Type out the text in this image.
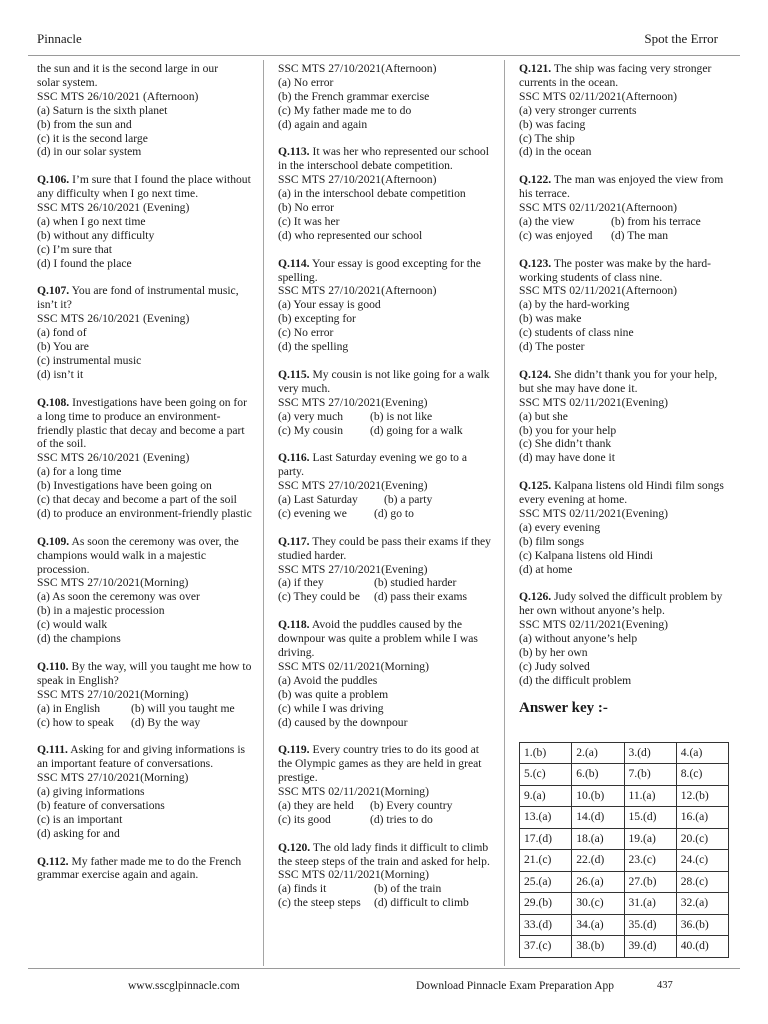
Pinnacle	Spot the Error
the sun and it is the second large in our
solar system.
SSC MTS 26/10/2021 (Afternoon)
(a) Saturn is the sixth planet
(b) from the sun and
(c) it is the second large
(d) in our solar system
Q.106. I’m sure that I found the place without any difficulty when I go next time.
SSC MTS 26/10/2021 (Evening)
(a) when I go next time
(b) without any difficulty
(c) I’m sure that
(d) I found the place
Q.107. You are fond of instrumental music, isn’t it?
SSC MTS 26/10/2021 (Evening)
(a) fond of
(b) You are
(c) instrumental music
(d) isn’t it
Q.108. Investigations have been going on for a long time to produce an environment-friendly plastic that decay and become a part of the soil.
SSC MTS 26/10/2021 (Evening)
(a) for a long time
(b) Investigations have been going on
(c) that decay and become a part of the soil
(d) to produce an environment-friendly plastic
Q.109. As soon the ceremony was over, the champions would walk in a majestic procession.
SSC MTS 27/10/2021(Morning)
(a) As soon the ceremony was over
(b) in a majestic procession
(c) would walk
(d) the champions
Q.110. By the way, will you taught me how to speak in English?
SSC MTS 27/10/2021(Morning)
(a) in English	(b) will you taught me
(c) how to speak	(d) By the way
Q.111. Asking for and giving informations is an important feature of conversations.
SSC MTS 27/10/2021(Morning)
(a) giving informations
(b) feature of conversations
(c) is an important
(d) asking for and
Q.112. My father made me to do the French grammar exercise again and again.
SSC MTS 27/10/2021(Afternoon)
(a) No error
(b) the French grammar exercise
(c) My father made me to do
(d) again and again
Q.113. It was her who represented our school in the interschool debate competition.
SSC MTS 27/10/2021(Afternoon)
(a) in the interschool debate competition
(b) No error
(c) It was her
(d) who represented our school
Q.114. Your essay is good excepting for the spelling.
SSC MTS 27/10/2021(Afternoon)
(a) Your essay is good
(b) excepting for
(c) No error
(d) the spelling
Q.115. My cousin is not like going for a walk very much.
SSC MTS 27/10/2021(Evening)
(a) very much	(b) is not like
(c) My cousin	(d) going for a walk
Q.116. Last Saturday evening we go to a party.
SSC MTS 27/10/2021(Evening)
(a) Last Saturday	(b) a party
(c) evening we	(d) go to
Q.117. They could be pass their exams if they studied harder.
SSC MTS 27/10/2021(Evening)
(a) if they	(b) studied harder
(c) They could be	(d) pass their exams
Q.118. Avoid the puddles caused by the downpour was quite a problem while I was driving.
SSC MTS 02/11/2021(Morning)
(a) Avoid the puddles
(b) was quite a problem
(c) while I was driving
(d) caused by the downpour
Q.119. Every country tries to do its good at the Olympic games as they are held in great prestige.
SSC MTS 02/11/2021(Morning)
(a) they are held	(b) Every country
(c) its good	(d) tries to do
Q.120. The old lady finds it difficult to climb the steep steps of the train and asked for help.
SSC MTS 02/11/2021(Morning)
(a) finds it	(b) of the train
(c) the steep steps	(d) difficult to climb
Q.121. The ship was facing very stronger currents in the ocean.
SSC MTS 02/11/2021(Afternoon)
(a) very stronger currents
(b) was facing
(c) The ship
(d) in the ocean
Q.122. The man was enjoyed the view from his terrace.
SSC MTS 02/11/2021(Afternoon)
(a) the view	(b) from his terrace
(c) was enjoyed	(d) The man
Q.123. The poster was make by the hard-working students of class nine.
SSC MTS 02/11/2021(Afternoon)
(a) by the hard-working
(b) was make
(c) students of class nine
(d) The poster
Q.124. She didn’t thank you for your help, but she may have done it.
SSC MTS 02/11/2021(Evening)
(a) but she
(b) you for your help
(c) She didn’t thank
(d) may have done it
Q.125. Kalpana listens old Hindi film songs every evening at home.
SSC MTS 02/11/2021(Evening)
(a) every evening
(b) film songs
(c) Kalpana listens old Hindi
(d) at home
Q.126. Judy solved the difficult problem by her own without anyone’s help.
SSC MTS 02/11/2021(Evening)
(a) without anyone’s help
(b) by her own
(c) Judy solved
(d) the difficult problem
Answer key :-
1.(b)	2.(a)	3.(d)	4.(a)
5.(c)	6.(b)	7.(b)	8.(c)
9.(a)	10.(b)	11.(a)	12.(b)
13.(a)	14.(d)	15.(d)	16.(a)
17.(d)	18.(a)	19.(a)	20.(c)
21.(c)	22.(d)	23.(c)	24.(c)
25.(a)	26.(a)	27.(b)	28.(c)
29.(b)	30.(c)	31.(a)	32.(a)
33.(d)	34.(a)	35.(d)	36.(b)
37.(c)	38.(b)	39.(d)	40.(d)
www.sscglpinnacle.com	Download Pinnacle Exam Preparation App	437
